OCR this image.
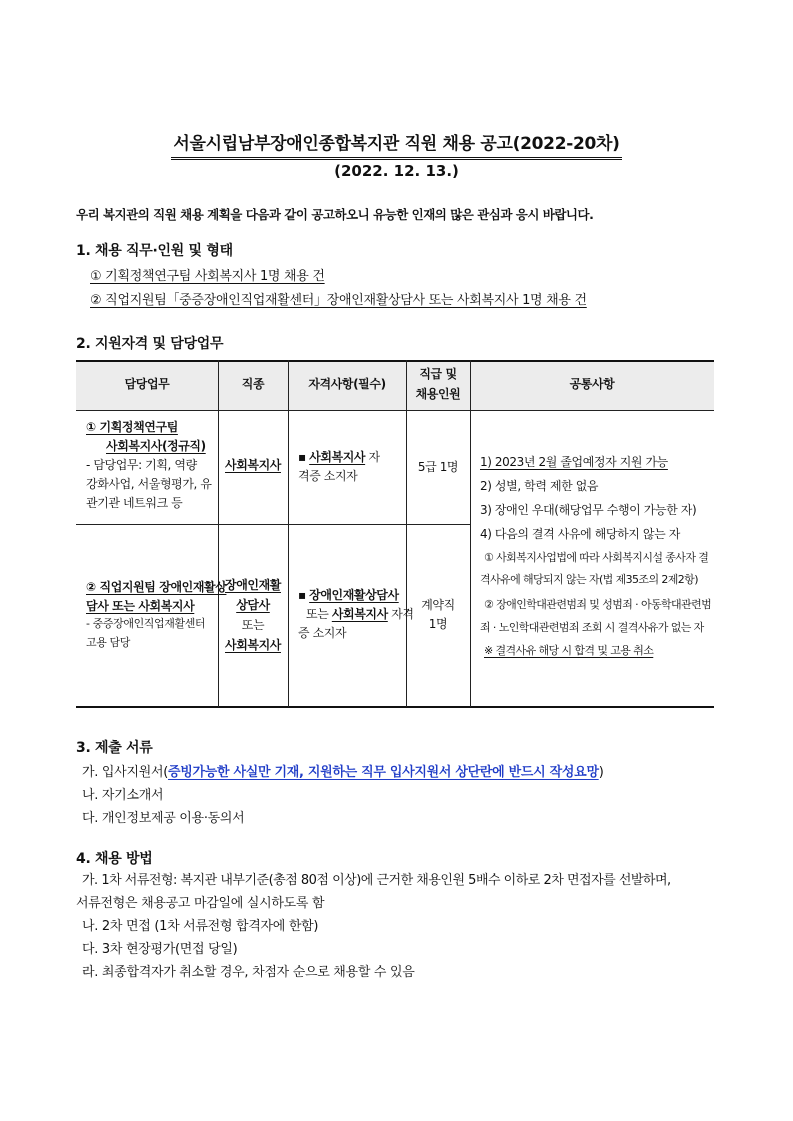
서울시립남부장애인종합복지관 직원 채용 공고(2022-20차)
(2022. 12. 13.)
우리 복지관의 직원 채용 계획을 다음과 같이 공고하오니 유능한 인재의 많은 관심과 응시 바랍니다.
1. 채용 직무·인원 및 형태
① 기획정책연구팀 사회복지사 1명 채용 건
② 직업지원팀「중증장애인직업재활센터」장애인재활상담사 또는 사회복지사 1명 채용 건
2. 지원자격 및 담당업무
담당업무	직종	자격사항(필수)
직급 및
채용인원
공통사항
① 기획정책연구팀
사회복지사(정규직)
- 담당업무: 기획, 역량
강화사업, 서울형평가, 유
관기관 네트워크 등
사회복지사
▪ 사회복지사 자
격증 소지자
5급 1명
② 직업지원팀 장애인재활상
담사 또는 사회복지사
- 중증장애인직업재활센터
고용 담당
장애인재활
상담사
또는
사회복지사
▪ 장애인재활상담사
또는 사회복지사 자격
증 소지자
계약직
1명
1) 2023년 2월 졸업예정자 지원 가능
2) 성별, 학력 제한 없음
3) 장애인 우대(해당업무 수행이 가능한 자)
4) 다음의 결격 사유에 해당하지 않는 자
① 사회복지사업법에 따라 사회복지시설 종사자 결
격사유에 해당되지 않는 자(법 제35조의 2제2항)
② 장애인학대관련범죄 및 성범죄 · 아동학대관련범
죄 · 노인학대관련범죄 조회 시 결격사유가 없는 자
※ 결격사유 해당 시 합격 및 고용 취소
3. 제출 서류
가. 입사지원서(증빙가능한 사실만 기재, 지원하는 직무 입사지원서 상단란에 반드시 작성요망)
나. 자기소개서
다. 개인정보제공 이용·동의서
4. 채용 방법
가. 1차 서류전형: 복지관 내부기준(총점 80점 이상)에 근거한 채용인원 5배수 이하로 2차 면접자를 선발하며,
서류전형은 채용공고 마감일에 실시하도록 함
나. 2차 면접 (1차 서류전형 합격자에 한함)
다. 3차 현장평가(면접 당일)
라. 최종합격자가 취소할 경우, 차점자 순으로 채용할 수 있음
